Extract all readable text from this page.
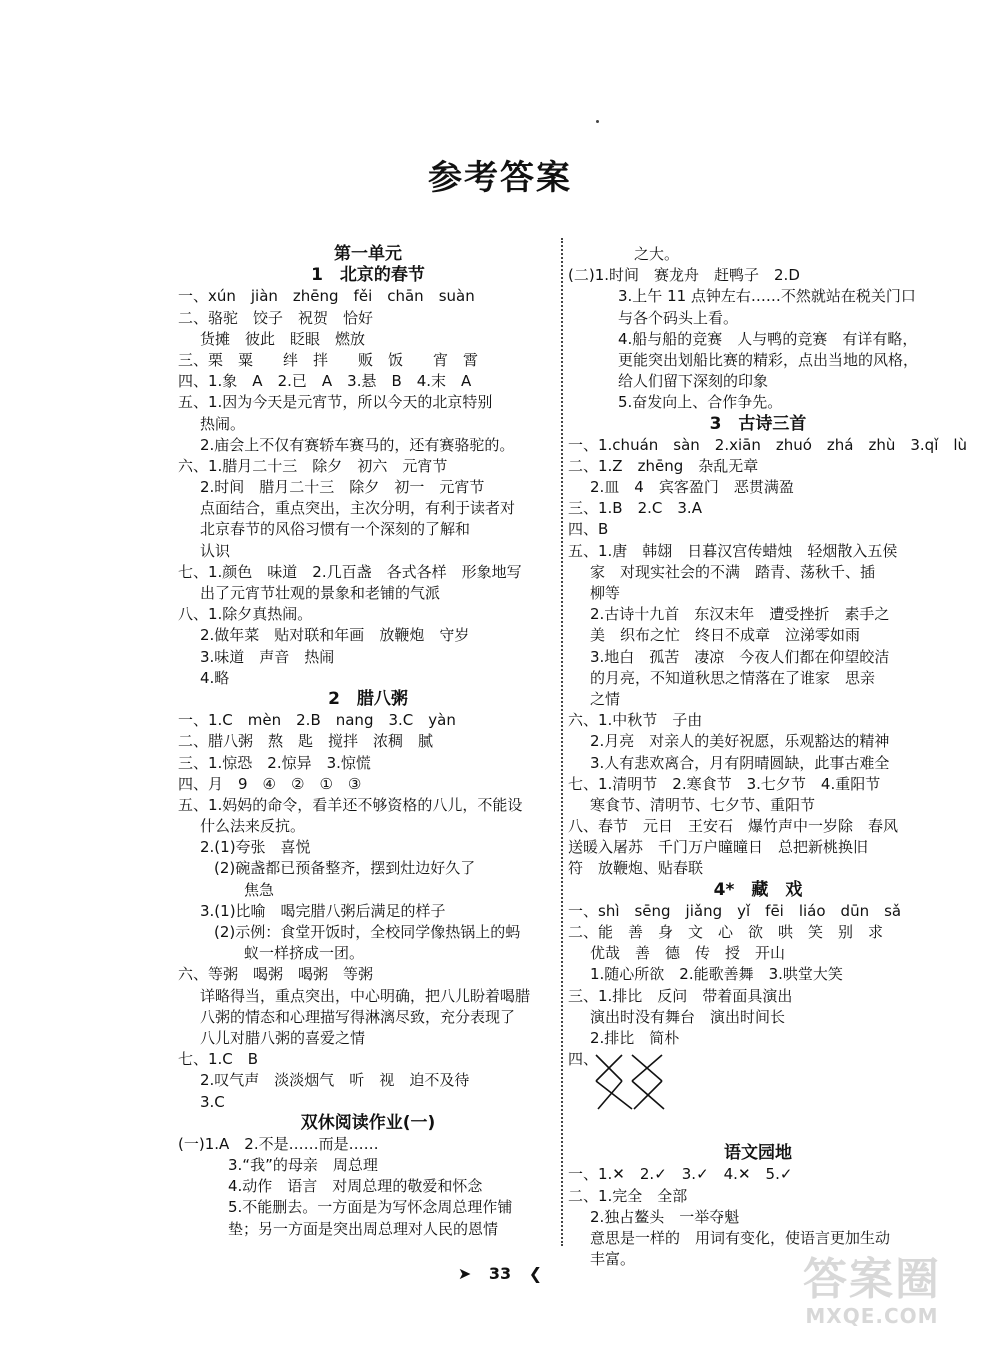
参考答案
第一单元
1　北京的春节
一、xún　jiàn　zhēng　fěi　chān　suàn
二、骆驼　饺子　祝贺　恰好
货摊　彼此　眨眼　燃放
三、栗　粟　　绊　拌　　贩　饭　　宵　霄
四、1.象　A　2.已　A　3.悬　B　4.末　A
五、1.因为今天是元宵节，所以今天的北京特别
热闹。
2.庙会上不仅有赛轿车赛马的，还有赛骆驼的。
六、1.腊月二十三　除夕　初六　元宵节
2.时间　腊月二十三　除夕　初一　元宵节
点面结合，重点突出，主次分明，有利于读者对
北京春节的风俗习惯有一个深刻的了解和
认识
七、1.颜色　味道　2.几百盏　各式各样　形象地写
出了元宵节壮观的景象和老铺的气派
八、1.除夕真热闹。
2.做年菜　贴对联和年画　放鞭炮　守岁
3.味道　声音　热闹
4.略
2　腊八粥
一、1.C　mèn　2.B　nang　3.C　yàn
二、腊八粥　熬　匙　搅拌　浓稠　腻
三、1.惊恐　2.惊异　3.惊慌
四、月　9　④　②　①　③
五、1.妈妈的命令，看羊还不够资格的八儿，不能设
什么法来反抗。
2.(1)夸张　喜悦
(2)碗盏都已预备整齐，摆到灶边好久了
焦急
3.(1)比喻　喝完腊八粥后满足的样子
(2)示例：食堂开饭时，全校同学像热锅上的蚂
蚁一样挤成一团。
六、等粥　喝粥　喝粥　等粥
详略得当，重点突出，中心明确，把八儿盼着喝腊
八粥的情态和心理描写得淋漓尽致，充分表现了
八儿对腊八粥的喜爱之情
七、1.C　B
2.叹气声　淡淡烟气　听　视　迫不及待
3.C
双休阅读作业(一)
(一)1.A　2.不是……而是……
3.“我”的母亲　周总理
4.动作　语言　对周总理的敬爱和怀念
5.不能删去。一方面是为写怀念周总理作铺
垫；另一方面是突出周总理对人民的恩情
之大。
(二)1.时间　赛龙舟　赶鸭子　2.D
3.上午 11 点钟左右……不然就站在税关门口
与各个码头上看。
4.船与船的竞赛　人与鸭的竞赛　有详有略，
更能突出划船比赛的精彩，点出当地的风格，
给人们留下深刻的印象
5.奋发向上、合作争先。
3　古诗三首
一、1.chuán　sàn　2.xiān　zhuó　zhá　zhù　3.qǐ　lù
二、1.Z　zhēng　杂乱无章
2.皿　4　宾客盈门　恶贯满盈
三、1.B　2.C　3.A
四、B
五、1.唐　韩翃　日暮汉宫传蜡烛　轻烟散入五侯
家　对现实社会的不满　踏青、荡秋千、插
柳等
2.古诗十九首　东汉末年　遭受挫折　素手之
美　织布之忙　终日不成章　泣涕零如雨
3.地白　孤苦　凄凉　今夜人们都在仰望皎洁
的月亮，不知道秋思之情落在了谁家　思亲
之情
六、1.中秋节　子由
2.月亮　对亲人的美好祝愿，乐观豁达的精神
3.人有悲欢离合，月有阴晴圆缺，此事古难全
七、1.清明节　2.寒食节　3.七夕节　4.重阳节
寒食节、清明节、七夕节、重阳节
八、春节　元日　王安石　爆竹声中一岁除　春风
送暖入屠苏　千门万户曈曈日　总把新桃换旧
符　放鞭炮、贴春联
4*　藏　戏
一、shì　sēng　jiǎng　yǐ　fēi　liáo　dūn　sǎ
二、能　善　身　文　心　欲　哄　笑　别　求
优哉　善　德　传　授　开山
1.随心所欲　2.能歌善舞　3.哄堂大笑
三、1.排比　反问　带着面具演出
演出时没有舞台　演出时间长
2.排比　简朴
四、
语文园地
一、1.✕　2.✓　3.✓　4.✕　5.✓
二、1.完全　全部
2.独占鳌头　一举夺魁
意思是一样的　用词有变化，使语言更加生动
丰富。
➤ 33 ❮	答案圈
MXQE.COM
